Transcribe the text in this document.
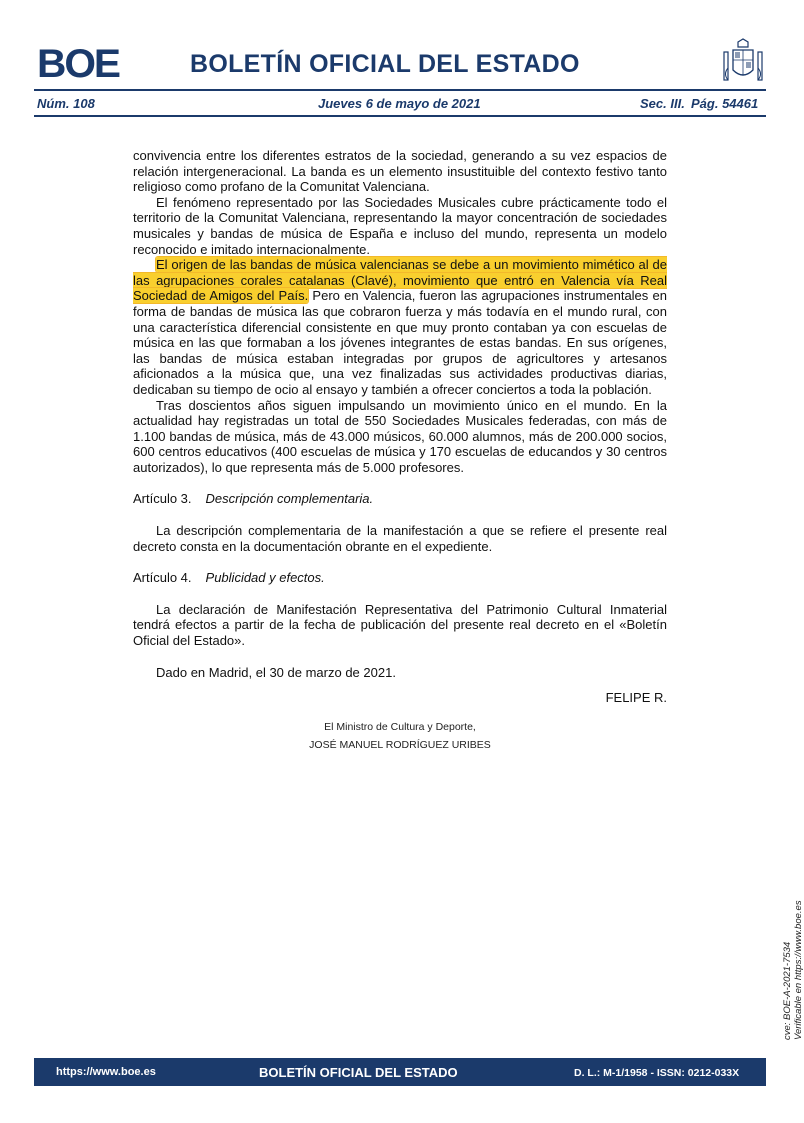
BOE	BOLETÍN OFICIAL DEL ESTADO
Núm. 108	Jueves 6 de mayo de 2021	Sec. III. Pág. 54461

convivencia entre los diferentes estratos de la sociedad, generando a su vez espacios de relación intergeneracional. La banda es un elemento insustituible del contexto festivo tanto religioso como profano de la Comunitat Valenciana.

El fenómeno representado por las Sociedades Musicales cubre prácticamente todo el territorio de la Comunitat Valenciana, representando la mayor concentración de sociedades musicales y bandas de música de España e incluso del mundo, representa un modelo reconocido e imitado internacionalmente.

El origen de las bandas de música valencianas se debe a un movimiento mimético al de las agrupaciones corales catalanas (Clavé), movimiento que entró en Valencia vía Real Sociedad de Amigos del País. Pero en Valencia, fueron las agrupaciones instrumentales en forma de bandas de música las que cobraron fuerza y más todavía en el mundo rural, con una característica diferencial consistente en que muy pronto contaban ya con escuelas de música en las que formaban a los jóvenes integrantes de estas bandas. En sus orígenes, las bandas de música estaban integradas por grupos de agricultores y artesanos aficionados a la música que, una vez finalizadas sus actividades productivas diarias, dedicaban su tiempo de ocio al ensayo y también a ofrecer conciertos a toda la población.

Tras doscientos años siguen impulsando un movimiento único en el mundo. En la actualidad hay registradas un total de 550 Sociedades Musicales federadas, con más de 1.100 bandas de música, más de 43.000 músicos, 60.000 alumnos, más de 200.000 socios, 600 centros educativos (400 escuelas de música y 170 escuelas de educandos y 30 centros autorizados), lo que representa más de 5.000 profesores.

Artículo 3. Descripción complementaria.

La descripción complementaria de la manifestación a que se refiere el presente real decreto consta en la documentación obrante en el expediente.

Artículo 4. Publicidad y efectos.

La declaración de Manifestación Representativa del Patrimonio Cultural Inmaterial tendrá efectos a partir de la fecha de publicación del presente real decreto en el «Boletín Oficial del Estado».

Dado en Madrid, el 30 de marzo de 2021.

FELIPE R.

El Ministro de Cultura y Deporte,
JOSÉ MANUEL RODRÍGUEZ URIBES
cve: BOE-A-2021-7534 Verificable en https://www.boe.es
https://www.boe.es	BOLETÍN OFICIAL DEL ESTADO	D. L.: M-1/1958 - ISSN: 0212-033X
